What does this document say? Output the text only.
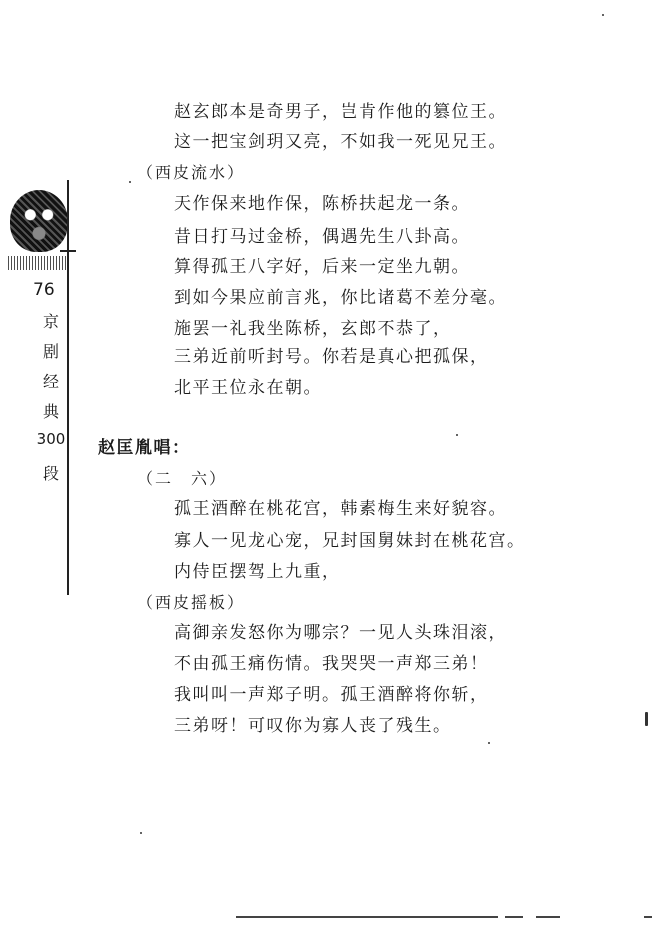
76
京
剧
经
典
300
段
赵玄郎本是奇男子，岂肯作他的篡位王。
这一把宝剑玥又亮，不如我一死见兄王。
（西皮流水）
天作保来地作保，陈桥扶起龙一条。
昔日打马过金桥，偶遇先生八卦高。
算得孤王八字好，后来一定坐九朝。
到如今果应前言兆，你比诸葛不差分毫。
施罢一礼我坐陈桥，玄郎不恭了，
三弟近前听封号。你若是真心把孤保，
北平王位永在朝。
赵匡胤唱：
（二　六）
孤王酒醉在桃花宫，韩素梅生来好貌容。
寡人一见龙心宠，兄封国舅妹封在桃花宫。
内侍臣摆驾上九重，
（西皮摇板）
高御亲发怒你为哪宗？一见人头珠泪滚，
不由孤王痛伤情。我哭哭一声郑三弟！
我叫叫一声郑子明。孤王酒醉将你斩，
三弟呀！可叹你为寡人丧了残生。
